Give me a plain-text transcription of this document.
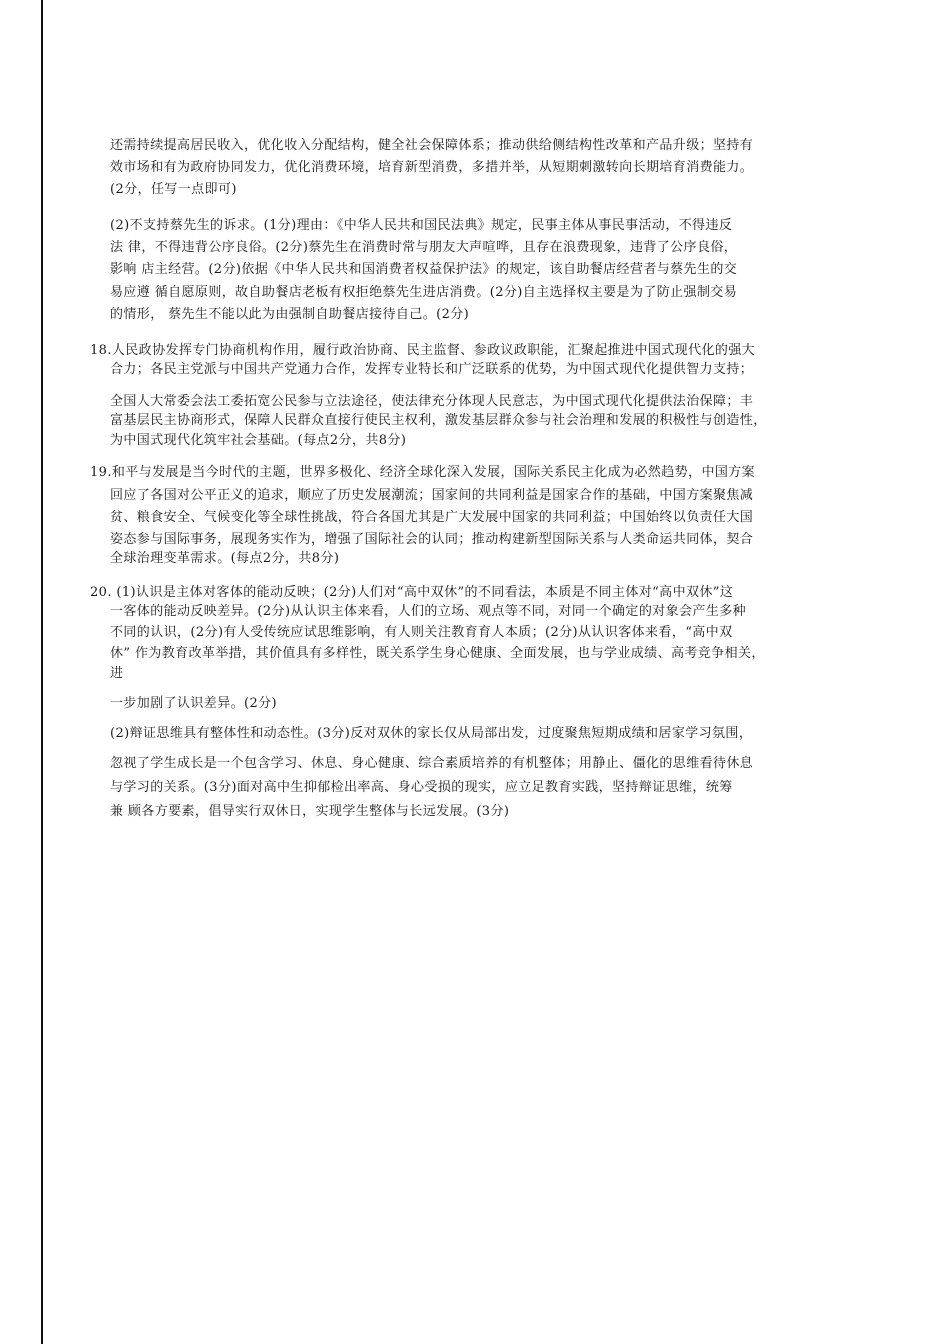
还需持续提高居民收入，优化收入分配结构，健全社会保障体系；推动供给侧结构性改革和产品升级；坚持有

效市场和有为政府协同发力，优化消费环境，培育新型消费，多措并举，从短期刺激转向长期培育消费能力。

(2分，任写一点即可)

(2)不支持蔡先生的诉求。(1分)理由：《中华人民共和国民法典》规定，民事主体从事民事活动，不得违反

法 律，不得违背公序良俗。(2分)蔡先生在消费时常与朋友大声喧哗，且存在浪费现象，违背了公序良俗，

影响 店主经营。(2分)依据《中华人民共和国消费者权益保护法》的规定，该自助餐店经营者与蔡先生的交

易应遵 循自愿原则，故自助餐店老板有权拒绝蔡先生进店消费。(2分)自主选择权主要是为了防止强制交易

的情形， 蔡先生不能以此为由强制自助餐店接待自己。(2分)

18.人民政协发挥专门协商机构作用，履行政治协商、民主监督、参政议政职能，汇聚起推进中国式现代化的强大

合力；各民主党派与中国共产党通力合作，发挥专业特长和广泛联系的优势，为中国式现代化提供智力支持；

全国人大常委会法工委拓宽公民参与立法途径，使法律充分体现人民意志，为中国式现代化提供法治保障；丰

富基层民主协商形式，保障人民群众直接行使民主权利，激发基层群众参与社会治理和发展的积极性与创造性，

为中国式现代化筑牢社会基础。(每点2分，共8分)

19.和平与发展是当今时代的主题，世界多极化、经济全球化深入发展，国际关系民主化成为必然趋势，中国方案

回应了各国对公平正义的追求，顺应了历史发展潮流；国家间的共同利益是国家合作的基础，中国方案聚焦减

贫、粮食安全、气候变化等全球性挑战，符合各国尤其是广大发展中国家的共同利益；中国始终以负责任大国

姿态参与国际事务，展现务实作为，增强了国际社会的认同；推动构建新型国际关系与人类命运共同体，契合

全球治理变革需求。(每点2分，共8分)

20. (1)认识是主体对客体的能动反映；(2分)人们对“高中双休”的不同看法，本质是不同主体对“高中双休”这

一客体的能动反映差异。(2分)从认识主体来看，人们的立场、观点等不同，对同一个确定的对象会产生多种

不同的认识，(2分)有人受传统应试思维影响，有人则关注教育育人本质；(2分)从认识客体来看，“高中双

休” 作为教育改革举措，其价值具有多样性，既关系学生身心健康、全面发展，也与学业成绩、高考竞争相关，

进

一步加剧了认识差异。(2分)

(2)辩证思维具有整体性和动态性。(3分)反对双休的家长仅从局部出发，过度聚焦短期成绩和居家学习氛围，

忽视了学生成长是一个包含学习、休息、身心健康、综合素质培养的有机整体；用静止、僵化的思维看待休息

与学习的关系。(3分)面对高中生抑郁检出率高、身心受损的现实，应立足教育实践，坚持辩证思维，统筹

兼 顾各方要素，倡导实行双休日，实现学生整体与长远发展。(3分)
